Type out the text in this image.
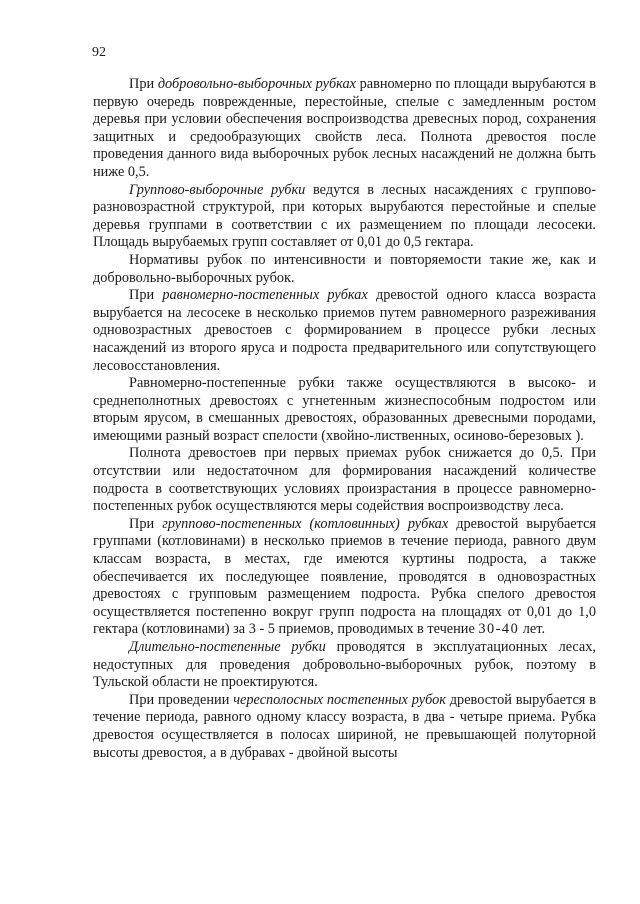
92

При добровольно-выборочных рубках равномерно по площади вырубаются в первую очередь поврежденные, перестойные, спелые с замедленным ростом деревья при условии обеспечения воспроизводства древесных пород, сохранения защитных и средообразующих свойств леса. Полнота древостоя после проведения данного вида выборочных рубок лесных насаждений не должна быть ниже 0,5.

Группово-выборочные рубки ведутся в лесных насаждениях с группово-разновозрастной структурой, при которых вырубаются перестойные и спелые деревья группами в соответствии с их размещением по площади лесосеки. Площадь вырубаемых групп составляет от 0,01 до 0,5 гектара.

Нормативы рубок по интенсивности и повторяемости такие же, как и добровольно-выборочных рубок.

При равномерно-постепенных рубках древостой одного класса возраста вырубается на лесосеке в несколько приемов путем равномерного разреживания одновозрастных древостоев с формированием в процессе рубки лесных насаждений из второго яруса и подроста предварительного или сопутствующего лесовосстановления.

Равномерно-постепенные рубки также осуществляются в высоко- и среднеполнотных древостоях с угнетенным жизнеспособным подростом или вторым ярусом, в смешанных древостоях, образованных древесными породами, имеющими разный возраст спелости (хвойно-лиственных, осиново-березовых ).

Полнота древостоев при первых приемах рубок снижается до 0,5. При отсутствии или недостаточном для формирования насаждений количестве подроста в соответствующих условиях произрастания в процессе равномерно-постепенных рубок осуществляются меры содействия воспроизводству леса.

При группово-постепенных (котловинных) рубках древостой вырубается группами (котловинами) в несколько приемов в течение периода, равного двум классам возраста, в местах, где имеются куртины подроста, а также обеспечивается их последующее появление, проводятся в одновозрастных древостоях с групповым размещением подроста. Рубка спелого древостоя осуществляется постепенно вокруг групп подроста на площадях от 0,01 до 1,0 гектара (котловинами) за 3 - 5 приемов, проводимых в течение 30-40 лет.

Длительно-постепенные рубки проводятся в эксплуатационных лесах, недоступных для проведения добровольно-выборочных рубок, поэтому в Тульской области не проектируются.

При проведении чересполосных постепенных рубок древостой вырубается в течение периода, равного одному классу возраста, в два - четыре приема. Рубка древостоя осуществляется в полосах шириной, не превышающей полуторной высоты древостоя, а в дубравах - двойной высоты
